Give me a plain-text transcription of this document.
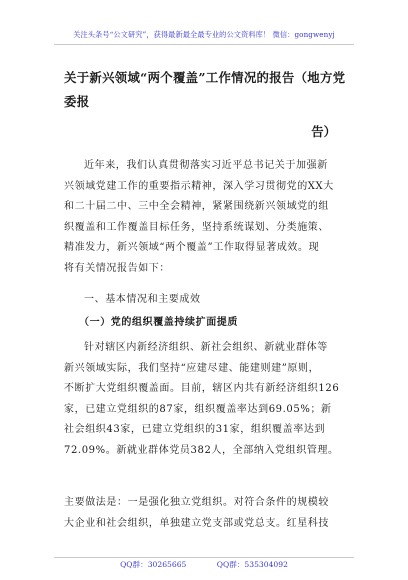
关注头条号“公文研究”，获得最新最全最专业的公文资料库！ 微信：gongwenyj
关于新兴领域“两个覆盖”工作情况的报告（地方党委报
告）

近年来，我们认真贯彻落实习近平总书记关于加强新
兴领域党建工作的重要指示精神，深入学习贯彻党的XX大
和二十届二中、三中全会精神，紧紧围绕新兴领域党的组
织覆盖和工作覆盖目标任务，坚持系统谋划、分类施策、
精准发力，新兴领域“两个覆盖”工作取得显著成效。现
将有关情况报告如下：

一、基本情况和主要成效

（一）党的组织覆盖持续扩面提质

针对辖区内新经济组织、新社会组织、新就业群体等
新兴领域实际，我们坚持“应建尽建、能建则建”原则，
不断扩大党组织覆盖面。目前，辖区内共有新经济组织126
家，已建立党组织的87家，组织覆盖率达到69.05%；新
社会组织43家，已建立党组织的31家，组织覆盖率达到
72.09%。新就业群体党员382人，全部纳入党组织管理。

主要做法是：一是强化独立党组织。对符合条件的规模较
大企业和社会组织，单独建立党支部或党总支。红星科技

QQ群：30265665	QQ群：535304092
